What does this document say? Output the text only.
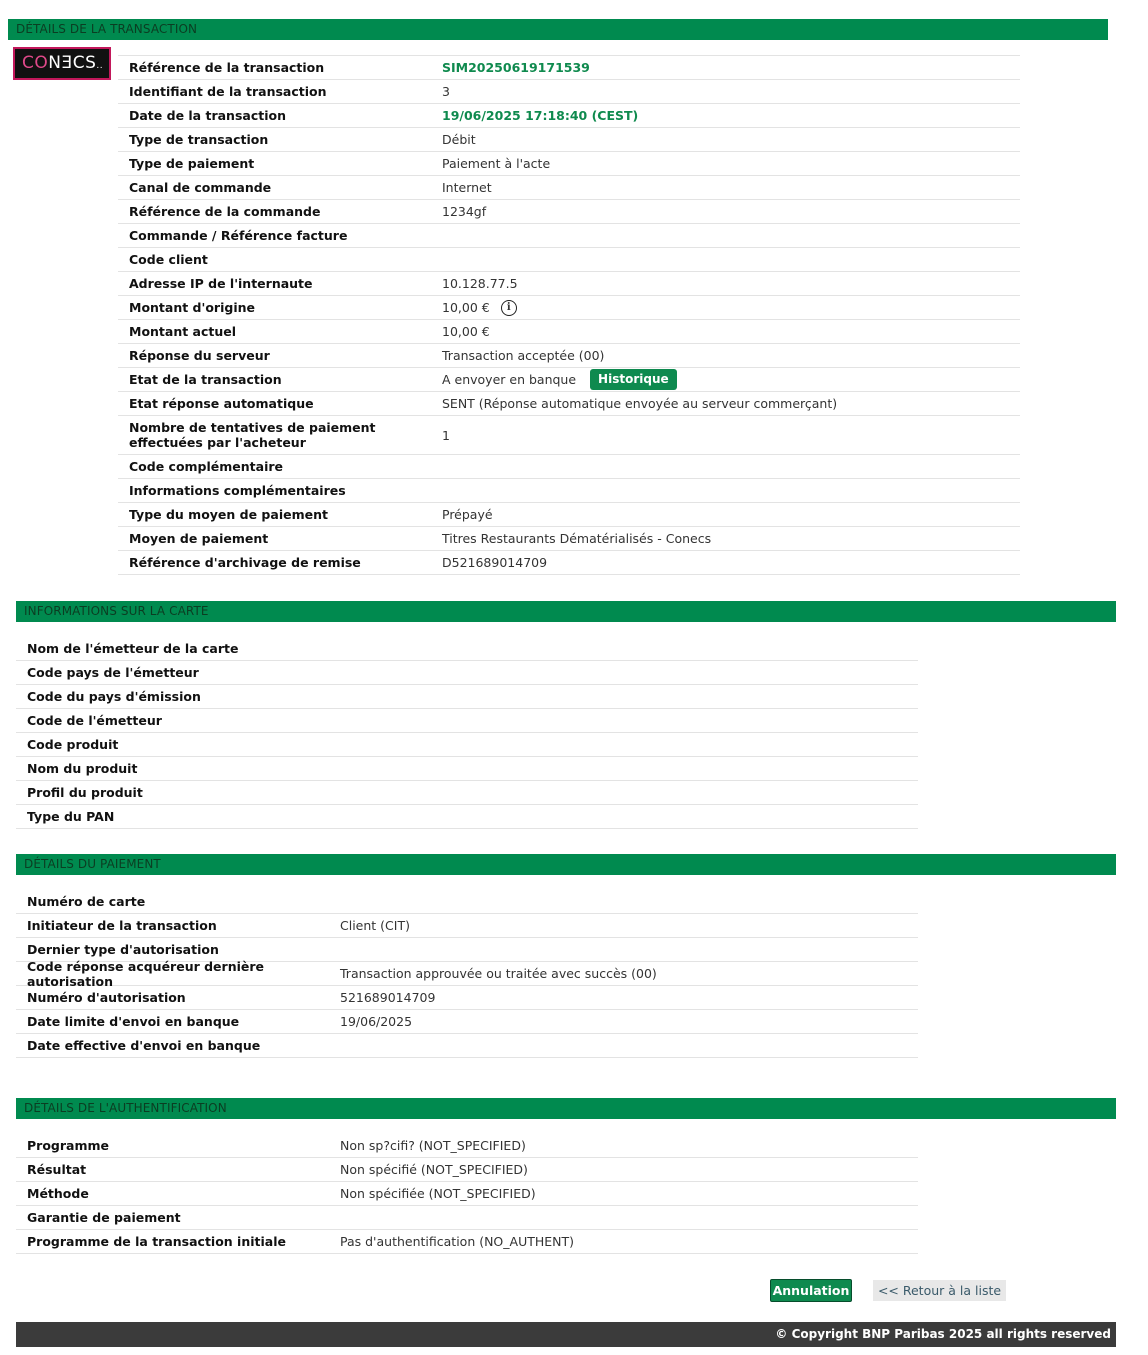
DÉTAILS DE LA TRANSACTION
CONƎCS..	Référence de la transaction	SIM20250619171539
Identifiant de la transaction	3
Date de la transaction	19/06/2025 17:18:40 (CEST)
Type de transaction	Débit
Type de paiement	Paiement à l'acte
Canal de commande	Internet
Référence de la commande	1234gf
Commande / Référence facture
Code client
Adresse IP de l'internaute	10.128.77.5
Montant d'origine	10,00 €	i
Montant actuel	10,00 €
Réponse du serveur	Transaction acceptée (00)
Etat de la transaction	A envoyer en banque	Historique
Etat réponse automatique	SENT (Réponse automatique envoyée au serveur commerçant)
Nombre de tentatives de paiement effectuées par l'acheteur	1
Code complémentaire
Informations complémentaires
Type du moyen de paiement	Prépayé
Moyen de paiement	Titres Restaurants Dématérialisés - Conecs
Référence d'archivage de remise	D521689014709
INFORMATIONS SUR LA CARTE
Nom de l'émetteur de la carte
Code pays de l'émetteur
Code du pays d'émission
Code de l'émetteur
Code produit
Nom du produit
Profil du produit
Type du PAN
DÉTAILS DU PAIEMENT
Numéro de carte
Initiateur de la transaction	Client (CIT)
Dernier type d'autorisation
Code réponse acquéreur dernière autorisation	Transaction approuvée ou traitée avec succès (00)
Numéro d'autorisation	521689014709
Date limite d'envoi en banque	19/06/2025
Date effective d'envoi en banque
DÉTAILS DE L'AUTHENTIFICATION
Programme	Non sp?cifi? (NOT_SPECIFIED)
Résultat	Non spécifié (NOT_SPECIFIED)
Méthode	Non spécifiée (NOT_SPECIFIED)
Garantie de paiement
Programme de la transaction initiale	Pas d'authentification (NO_AUTHENT)
Annulation	<< Retour à la liste
© Copyright BNP Paribas 2025 all rights reserved
